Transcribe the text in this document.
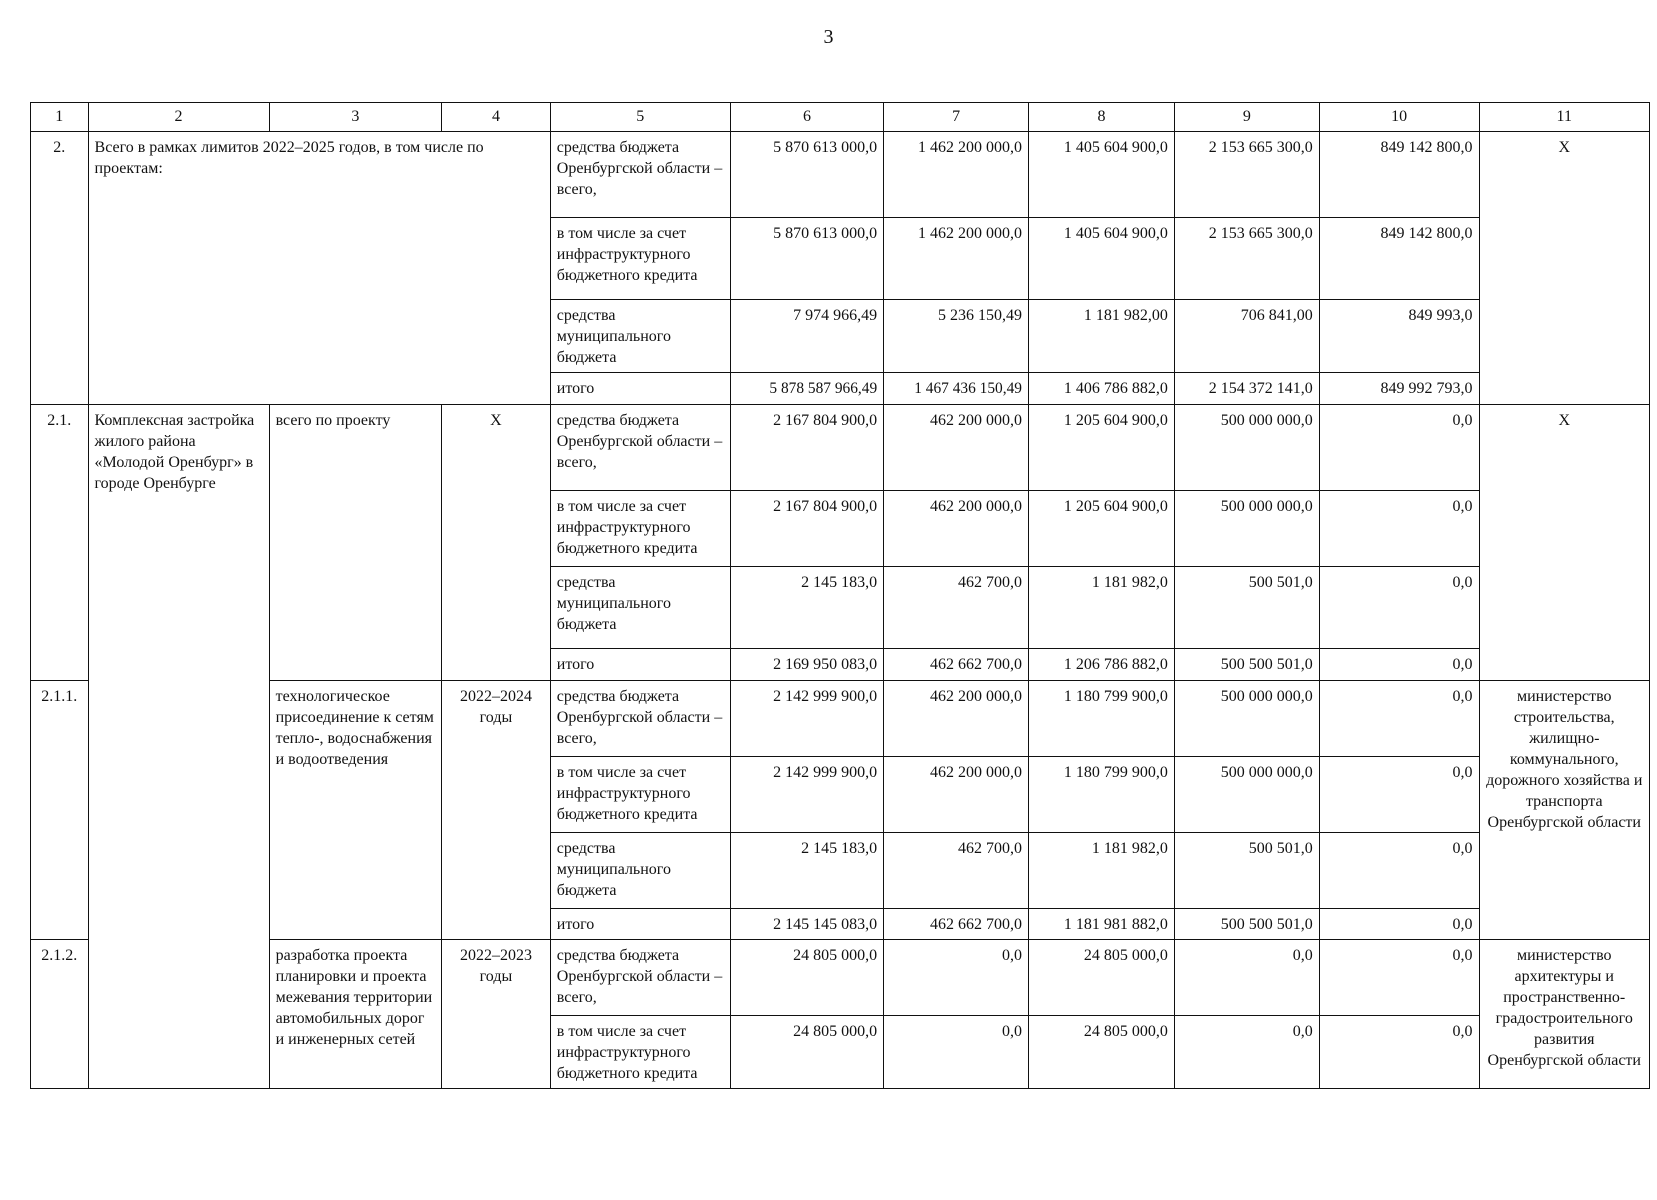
3
1	2	3	4	5	6	7	8	9	10	11
2.	Всего в рамках лимитов 2022–2025 годов, в том числе по проектам:			средства бюджета Оренбургской области – всего,	5 870 613 000,0	1 462 200 000,0	1 405 604 900,0	2 153 665 300,0	849 142 800,0	Х
				в том числе за счет инфраструктурного бюджетного кредита	5 870 613 000,0	1 462 200 000,0	1 405 604 900,0	2 153 665 300,0	849 142 800,0	
				средства муниципального бюджета	7 974 966,49	5 236 150,49	1 181 982,00	706 841,00	849 993,0	
				итого	5 878 587 966,49	1 467 436 150,49	1 406 786 882,0	2 154 372 141,0	849 992 793,0	
2.1.	Комплексная застройка жилого района «Молодой Оренбург» в городе Оренбурге	всего по проекту	Х	средства бюджета Оренбургской области – всего,	2 167 804 900,0	462 200 000,0	1 205 604 900,0	500 000 000,0	0,0	Х
				в том числе за счет инфраструктурного бюджетного кредита	2 167 804 900,0	462 200 000,0	1 205 604 900,0	500 000 000,0	0,0	
				средства муниципального бюджета	2 145 183,0	462 700,0	1 181 982,0	500 501,0	0,0	
				итого	2 169 950 083,0	462 662 700,0	1 206 786 882,0	500 500 501,0	0,0	
2.1.1.		технологическое присоединение к сетям тепло-, водоснабжения и водоотведения	2022–2024 годы	средства бюджета Оренбургской области – всего,	2 142 999 900,0	462 200 000,0	1 180 799 900,0	500 000 000,0	0,0	министерство строительства, жилищно-коммунального, дорожного хозяйства и транспорта Оренбургской области
				в том числе за счет инфраструктурного бюджетного кредита	2 142 999 900,0	462 200 000,0	1 180 799 900,0	500 000 000,0	0,0	
				средства муниципального бюджета	2 145 183,0	462 700,0	1 181 982,0	500 501,0	0,0	
				итого	2 145 145 083,0	462 662 700,0	1 181 981 882,0	500 500 501,0	0,0	
2.1.2.		разработка проекта планировки и проекта межевания территории автомобильных дорог и инженерных сетей	2022–2023 годы	средства бюджета Оренбургской области – всего,	24 805 000,0	0,0	24 805 000,0	0,0	0,0	министерство архитектуры и пространственно-градостроительного развития Оренбургской области
				в том числе за счет инфраструктурного бюджетного кредита	24 805 000,0	0,0	24 805 000,0	0,0	0,0	
